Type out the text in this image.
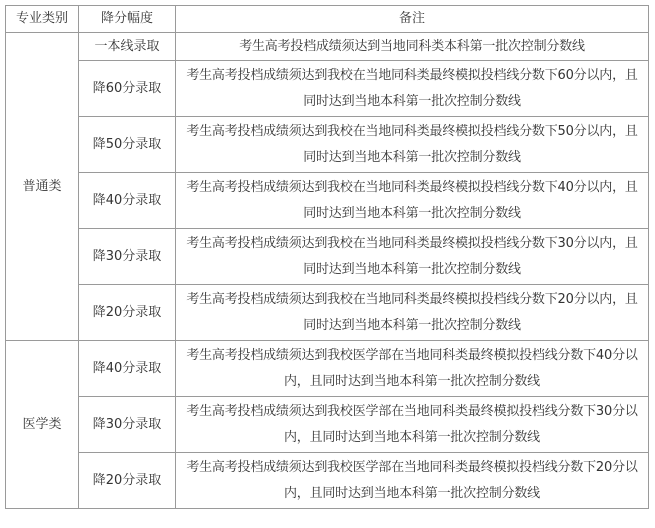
专业类别	降分幅度	备注
普通类	一本线录取	考生高考投档成绩须达到当地同科类本科第一批次控制分数线
	降60分录取	考生高考投档成绩须达到我校在当地同科类最终模拟投档线分数下60分以内，且同时达到当地本科第一批次控制分数线
	降50分录取	考生高考投档成绩须达到我校在当地同科类最终模拟投档线分数下50分以内，且同时达到当地本科第一批次控制分数线
	降40分录取	考生高考投档成绩须达到我校在当地同科类最终模拟投档线分数下40分以内，且同时达到当地本科第一批次控制分数线
	降30分录取	考生高考投档成绩须达到我校在当地同科类最终模拟投档线分数下30分以内，且同时达到当地本科第一批次控制分数线
	降20分录取	考生高考投档成绩须达到我校在当地同科类最终模拟投档线分数下20分以内，且同时达到当地本科第一批次控制分数线
医学类	降40分录取	考生高考投档成绩须达到我校医学部在当地同科类最终模拟投档线分数下40分以内，且同时达到当地本科第一批次控制分数线
	降30分录取	考生高考投档成绩须达到我校医学部在当地同科类最终模拟投档线分数下30分以内，且同时达到当地本科第一批次控制分数线
	降20分录取	考生高考投档成绩须达到我校医学部在当地同科类最终模拟投档线分数下20分以内，且同时达到当地本科第一批次控制分数线
